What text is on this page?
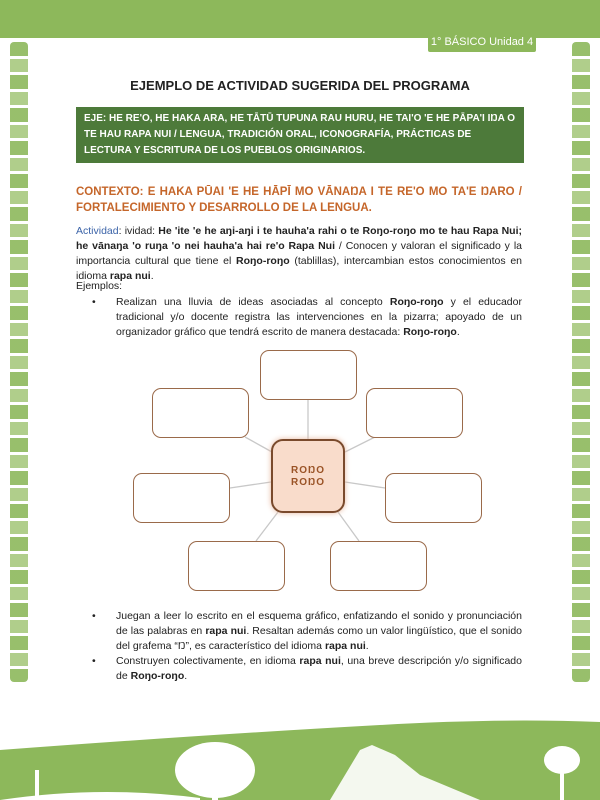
1° BÁSICO Unidad 4
EJEMPLO DE ACTIVIDAD SUGERIDA DEL PROGRAMA
EJE: HE RE'O, HE HAKA ARA, HE TĀTŪ TUPUNA RAU HURU, HE TAI'O 'E HE PĀPA'I IŊA O TE HAU RAPA NUI / LENGUA, TRADICIÓN ORAL, ICONOGRAFÍA, PRÁCTICAS DE LECTURA Y ESCRITURA DE LOS PUEBLOS ORIGINARIOS.
CONTEXTO: E HAKA PŪAI 'E HE HĀPĪ MO VĀNAŊA I TE RE'O MO TA'E ŊARO / FORTALECIMIENTO Y DESARROLLO DE LA LENGUA.
Actividad: ividad: He 'ite 'e he aŋi-aŋi i te hauha'a rahi o te Roŋo-roŋo mo te hau Rapa Nui; he vānaŋa 'o ruŋa 'o nei hauha'a hai re'o Rapa Nui / Conocen y valoran el significado y la importancia cultural que tiene el Roŋo-roŋo (tablillas), intercambian estos conocimientos en idioma rapa nui.
Ejemplos:
• Realizan una lluvia de ideas asociadas al concepto Roŋo-roŋo y el educador tradicional y/o docente registra las intervenciones en la pizarra; apoyado de un organizador gráfico que tendrá escrito de manera destacada: Roŋo-roŋo.
ROŊO
ROŊO
• Juegan a leer lo escrito en el esquema gráfico, enfatizando el sonido y pronunciación de las palabras en rapa nui. Resaltan además como un valor lingüístico, que el sonido del grafema “Ŋ”, es característico del idioma rapa nui.
• Construyen colectivamente, en idioma rapa nui, una breve descripción y/o significado de Roŋo-roŋo.
